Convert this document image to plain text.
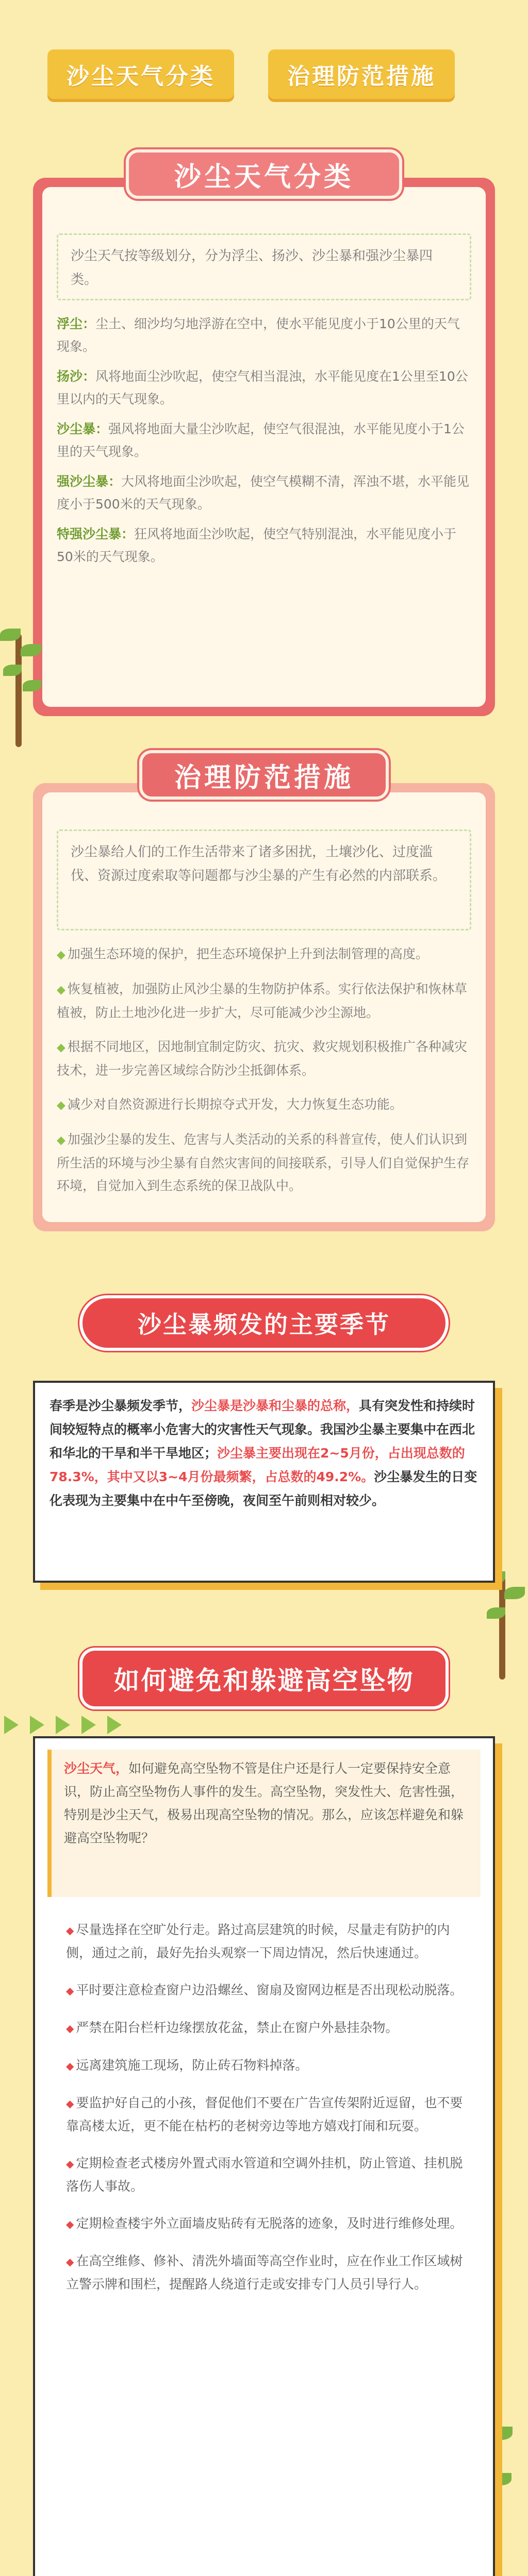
沙尘天气分类	治理防范措施
沙尘天气按等级划分，分为浮尘、扬沙、沙尘暴和强沙尘暴四类。
浮尘：尘土、细沙均匀地浮游在空中，使水平能见度小于10公里的天气现象。
扬沙：风将地面尘沙吹起，使空气相当混浊，水平能见度在1公里至10公里以内的天气现象。
沙尘暴：强风将地面大量尘沙吹起，使空气很混浊，水平能见度小于1公里的天气现象。
强沙尘暴：大风将地面尘沙吹起，使空气模糊不清，浑浊不堪，水平能见度小于500米的天气现象。
特强沙尘暴：狂风将地面尘沙吹起，使空气特别混浊，水平能见度小于50米的天气现象。
沙尘天气分类
沙尘暴给人们的工作生活带来了诸多困扰，土壤沙化、过度滥伐、资源过度索取等问题都与沙尘暴的产生有必然的内部联系。
◆ 加强生态环境的保护，把生态环境保护上升到法制管理的高度。
◆ 恢复植被，加强防止风沙尘暴的生物防护体系。实行依法保护和恢林草植被，防止土地沙化进一步扩大，尽可能减少沙尘源地。
◆ 根据不同地区，因地制宜制定防灾、抗灾、救灾规划积极推广各种减灾技术，进一步完善区域综合防沙尘抵御体系。
◆ 减少对自然资源进行长期掠夺式开发，大力恢复生态功能。
◆ 加强沙尘暴的发生、危害与人类活动的关系的科普宣传，使人们认识到所生活的环境与沙尘暴有自然灾害间的间接联系，引导人们自觉保护生存环境，自觉加入到生态系统的保卫战队中。
治理防范措施
沙尘暴频发的主要季节
春季是沙尘暴频发季节，沙尘暴是沙暴和尘暴的总称，具有突发性和持续时间较短特点的概率小危害大的灾害性天气现象。我国沙尘暴主要集中在西北和华北的干旱和半干旱地区；沙尘暴主要出现在2~5月份，占出现总数的78.3%，其中又以3~4月份最频繁，占总数的49.2%。沙尘暴发生的日变化表现为主要集中在中午至傍晚，夜间至午前则相对较少。
如何避免和躲避高空坠物
沙尘天气，如何避免高空坠物不管是住户还是行人一定要保持安全意识，防止高空坠物伤人事件的发生。高空坠物，突发性大、危害性强，特别是沙尘天气，极易出现高空坠物的情况。那么，应该怎样避免和躲避高空坠物呢？
◆ 尽量选择在空旷处行走。路过高层建筑的时候，尽量走有防护的内侧，通过之前，最好先抬头观察一下周边情况，然后快速通过。
◆ 平时要注意检查窗户边沿螺丝、窗扇及窗网边框是否出现松动脱落。
◆ 严禁在阳台栏杆边缘摆放花盆，禁止在窗户外悬挂杂物。
◆ 远离建筑施工现场，防止砖石物料掉落。
◆ 要监护好自己的小孩，督促他们不要在广告宣传架附近逗留，也不要靠高楼太近，更不能在枯朽的老树旁边等地方嬉戏打闹和玩耍。
◆ 定期检查老式楼房外置式雨水管道和空调外挂机，防止管道、挂机脱落伤人事故。
◆ 定期检查楼宇外立面墙皮贴砖有无脱落的迹象，及时进行维修处理。
◆ 在高空维修、修补、清洗外墙面等高空作业时，应在作业工作区域树立警示牌和围栏，提醒路人绕道行走或安排专门人员引导行人。
